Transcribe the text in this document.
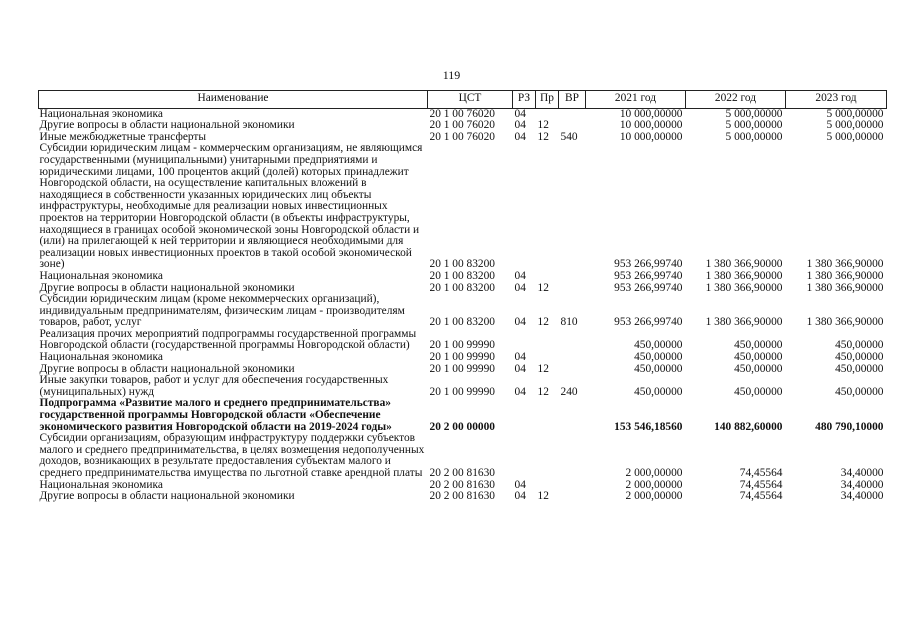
119
Наименование	ЦСТ	РЗ	Пр	ВР	2021 год	2022 год	2023 год
Национальная экономика	20 1 00 76020	04			10 000,00000	5 000,00000	5 000,00000
Другие вопросы в области национальной экономики	20 1 00 76020	04	12		10 000,00000	5 000,00000	5 000,00000
Иные межбюджетные трансферты	20 1 00 76020	04	12	540	10 000,00000	5 000,00000	5 000,00000
Субсидии юридическим лицам - коммерческим организациям, не являющимся государственными (муниципальными) унитарными предприятиями и юридическими лицами, 100 процентов акций (долей) которых принадлежит Новгородской области, на осуществление капитальных вложений в находящиеся в собственности указанных юридических лиц объекты инфраструктуры, необходимые для реализации новых инвестиционных проектов на территории Новгородской области (в объекты инфраструктуры, находящиеся в границах особой экономической зоны Новгородской области и (или) на прилегающей к ней территории и являющиеся необходимыми для реализации новых инвестиционных проектов в такой особой экономической зоне)	20 1 00 83200				953 266,99740	1 380 366,90000	1 380 366,90000
Национальная экономика	20 1 00 83200	04			953 266,99740	1 380 366,90000	1 380 366,90000
Другие вопросы в области национальной экономики	20 1 00 83200	04	12		953 266,99740	1 380 366,90000	1 380 366,90000
Субсидии юридическим лицам (кроме некоммерческих организаций), индивидуальным предпринимателям, физическим лицам - производителям товаров, работ, услуг	20 1 00 83200	04	12	810	953 266,99740	1 380 366,90000	1 380 366,90000
Реализация прочих мероприятий подпрограммы государственной программы Новгородской области (государственной программы Новгородской области)	20 1 00 99990				450,00000	450,00000	450,00000
Национальная экономика	20 1 00 99990	04			450,00000	450,00000	450,00000
Другие вопросы в области национальной экономики	20 1 00 99990	04	12		450,00000	450,00000	450,00000
Иные закупки товаров, работ и услуг для обеспечения государственных (муниципальных) нужд	20 1 00 99990	04	12	240	450,00000	450,00000	450,00000
Подпрограмма «Развитие малого и среднего предпринимательства» государственной программы Новгородской области «Обеспечение экономического развития Новгородской области на 2019-2024 годы»	20 2 00 00000				153 546,18560	140 882,60000	480 790,10000
Субсидии организациям, образующим инфраструктуру поддержки субъектов малого и среднего предпринимательства, в целях возмещения недополученных доходов, возникающих в результате предоставления субъектам малого и среднего предпринимательства имущества по льготной ставке арендной платы	20 2 00 81630				2 000,00000	74,45564	34,40000
Национальная экономика	20 2 00 81630	04			2 000,00000	74,45564	34,40000
Другие вопросы в области национальной экономики	20 2 00 81630	04	12		2 000,00000	74,45564	34,40000
